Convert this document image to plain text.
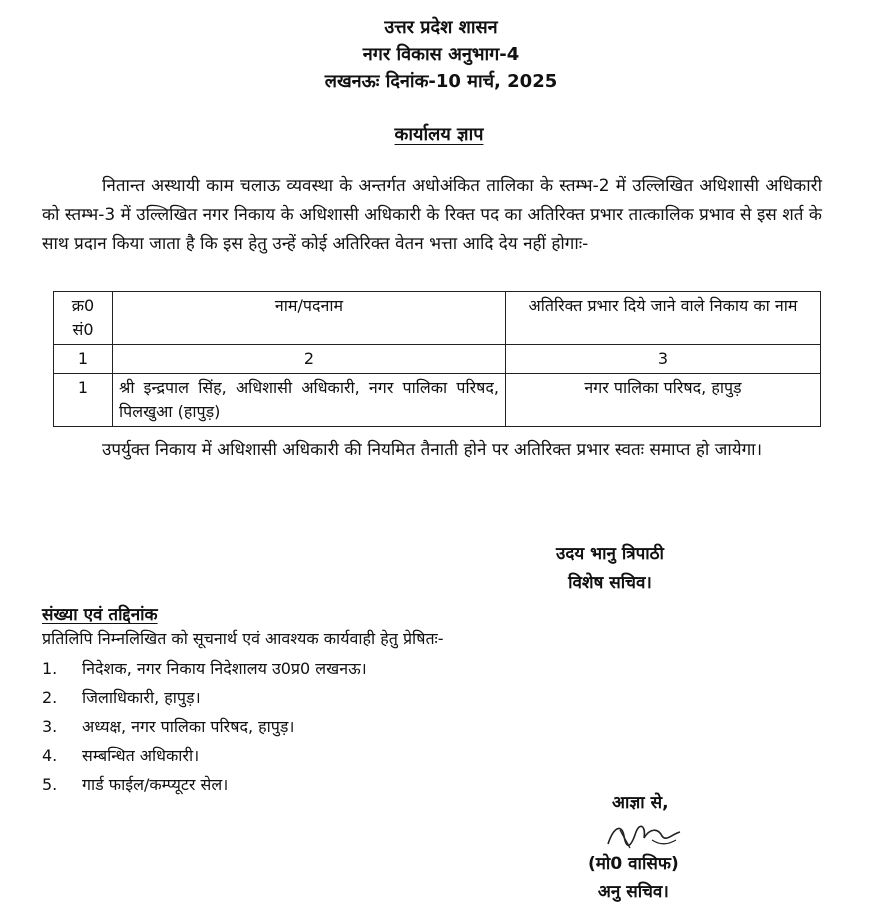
उत्तर प्रदेश शासन
नगर विकास अनुभाग-4
लखनऊः दिनांक-10 मार्च, 2025
कार्यालय ज्ञाप

नितान्त अस्थायी काम चलाऊ व्यवस्था के अन्तर्गत अधोअंकित तालिका के स्तम्भ-2 में उल्लिखित अधिशासी अधिकारी को स्तम्भ-3 में उल्लिखित नगर निकाय के अधिशासी अधिकारी के रिक्त पद का अतिरिक्त प्रभार तात्कालिक प्रभाव से इस शर्त के साथ प्रदान किया जाता है कि इस हेतु उन्हें कोई अतिरिक्त वेतन भत्ता आदि देय नहीं होगाः-

क्र0 सं0	नाम/पदनाम	अतिरिक्त प्रभार दिये जाने वाले निकाय का नाम
1	2	3
1	श्री इन्द्रपाल सिंह, अधिशासी अधिकारी, नगर पालिका परिषद, पिलखुआ (हापुड़)	नगर पालिका परिषद, हापुड़

उपर्युक्त निकाय में अधिशासी अधिकारी की नियमित तैनाती होने पर अतिरिक्त प्रभार स्वतः समाप्त हो जायेगा।

उदय भानु त्रिपाठी
विशेष सचिव।
संख्या एवं तद्दिनांक
प्रतिलिपि निम्नलिखित को सूचनार्थ एवं आवश्यक कार्यवाही हेतु प्रेषितः-
1.	निदेशक, नगर निकाय निदेशालय उ0प्र0 लखनऊ।
2.	जिलाधिकारी, हापुड़।
3.	अध्यक्ष, नगर पालिका परिषद, हापुड़।
4.	सम्बन्धित अधिकारी।
5.	गार्ड फाईल/कम्प्यूटर सेल।
आज्ञा से,
(मो0 वासिफ)
अनु सचिव।
